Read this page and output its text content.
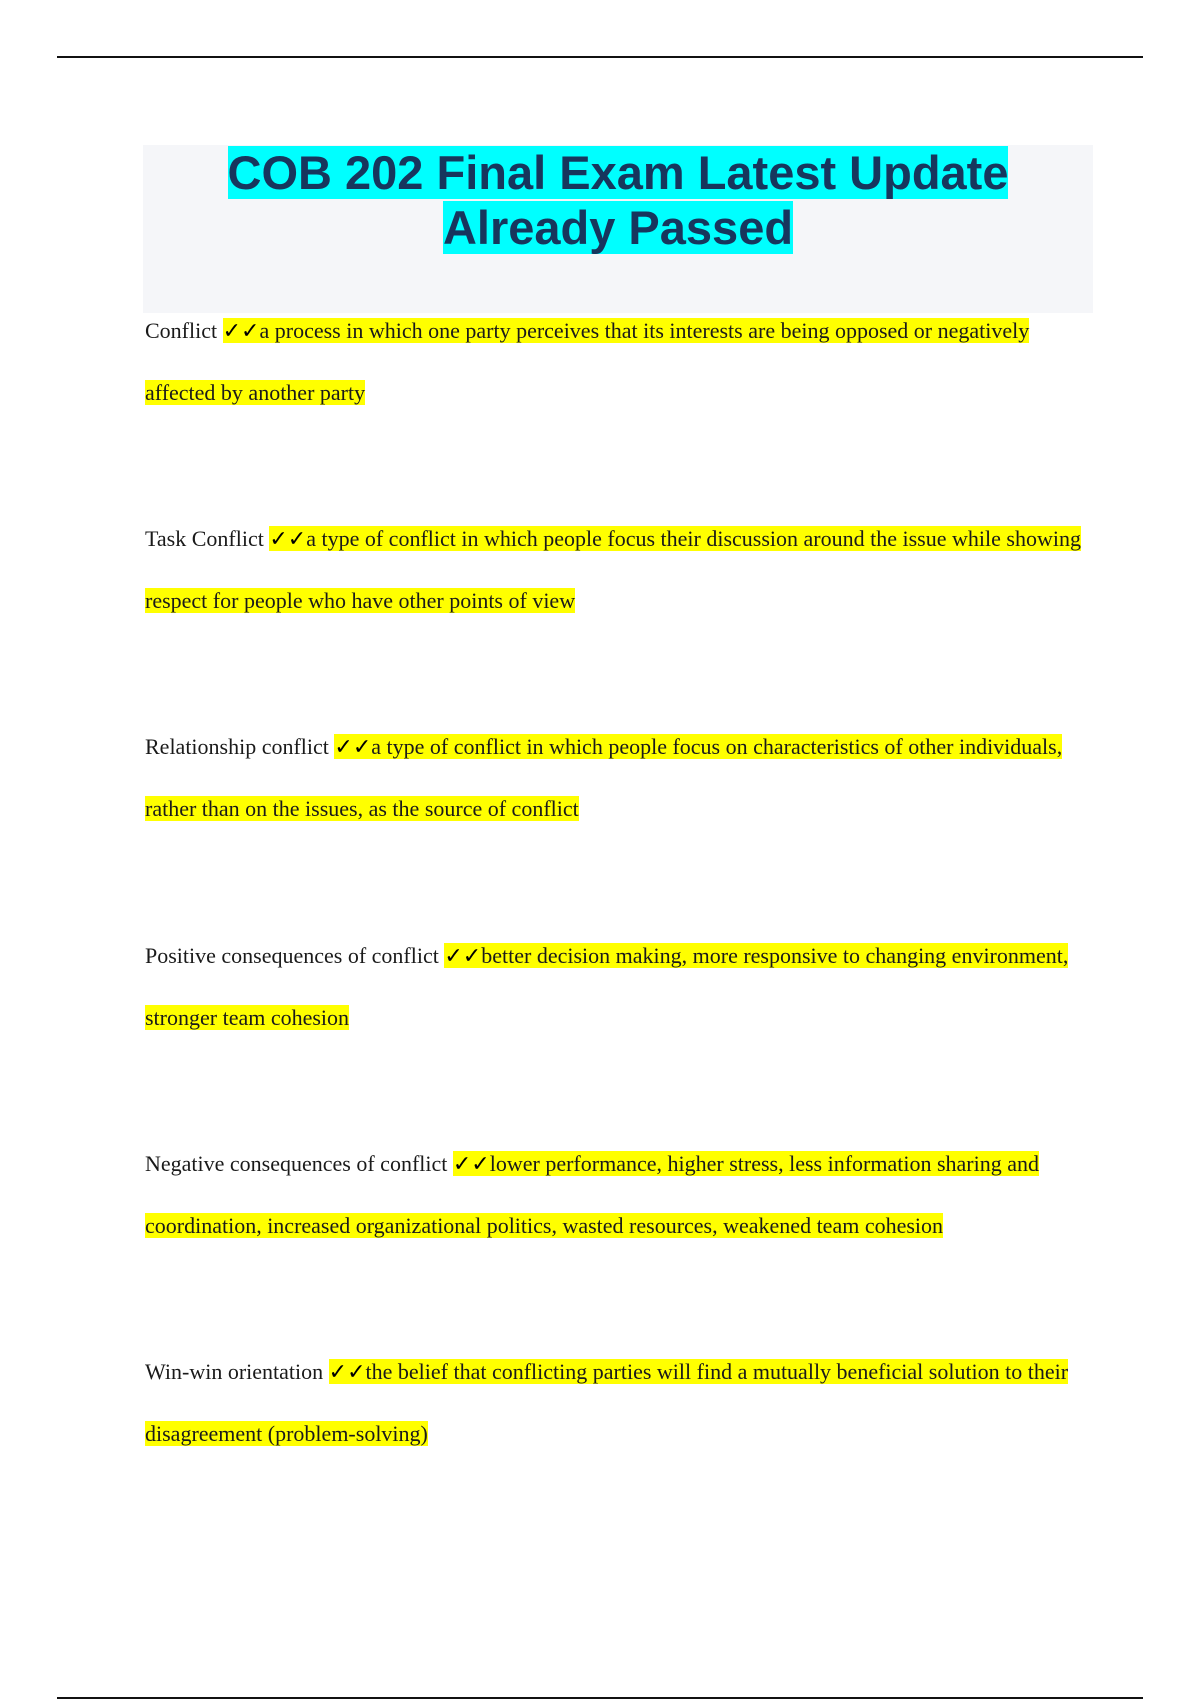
COB 202 Final Exam Latest Update
Already Passed
Conflict ✓✓a process in which one party perceives that its interests are being opposed or negatively affected by another party
Task Conflict ✓✓a type of conflict in which people focus their discussion around the issue while showing respect for people who have other points of view
Relationship conflict ✓✓a type of conflict in which people focus on characteristics of other individuals, rather than on the issues, as the source of conflict
Positive consequences of conflict ✓✓better decision making, more responsive to changing environment, stronger team cohesion
Negative consequences of conflict ✓✓lower performance, higher stress, less information sharing and coordination, increased organizational politics, wasted resources, weakened team cohesion
Win-win orientation ✓✓the belief that conflicting parties will find a mutually beneficial solution to their disagreement (problem-solving)
